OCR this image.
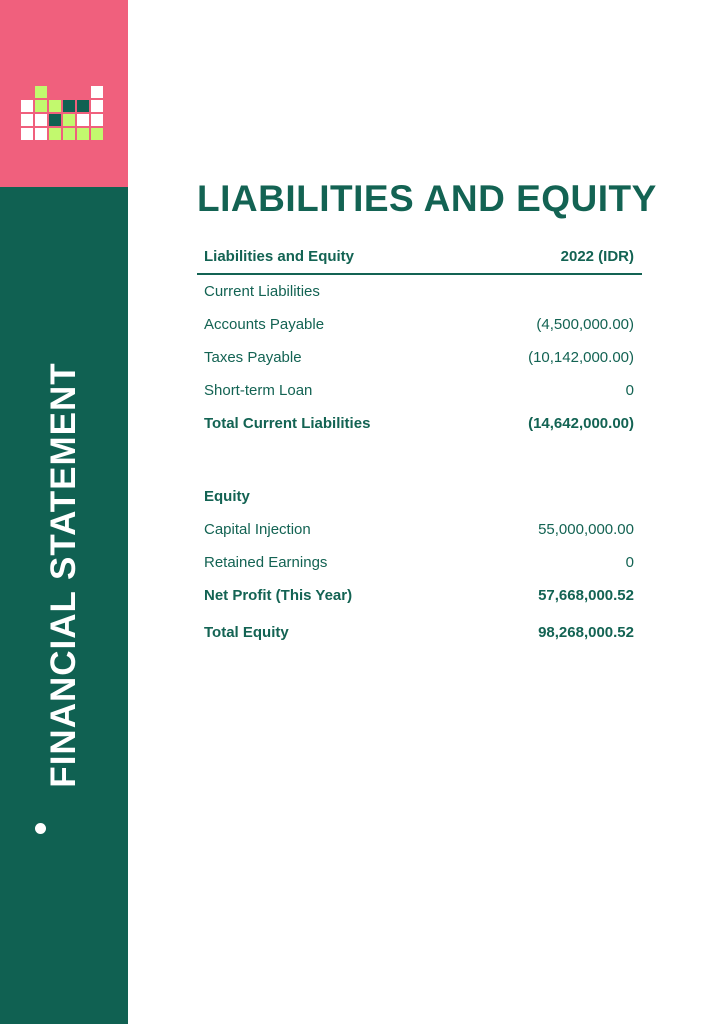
FINANCIAL STATEMENT
LIABILITIES AND EQUITY
Liabilities and Equity	2022 (IDR)
Current Liabilities
Accounts Payable	(4,500,000.00)
Taxes Payable	(10,142,000.00)
Short-term Loan	0
Total Current Liabilities	(14,642,000.00)
Equity
Capital Injection	55,000,000.00
Retained Earnings	0
Net Profit (This Year)	57,668,000.52
Total Equity	98,268,000.52
